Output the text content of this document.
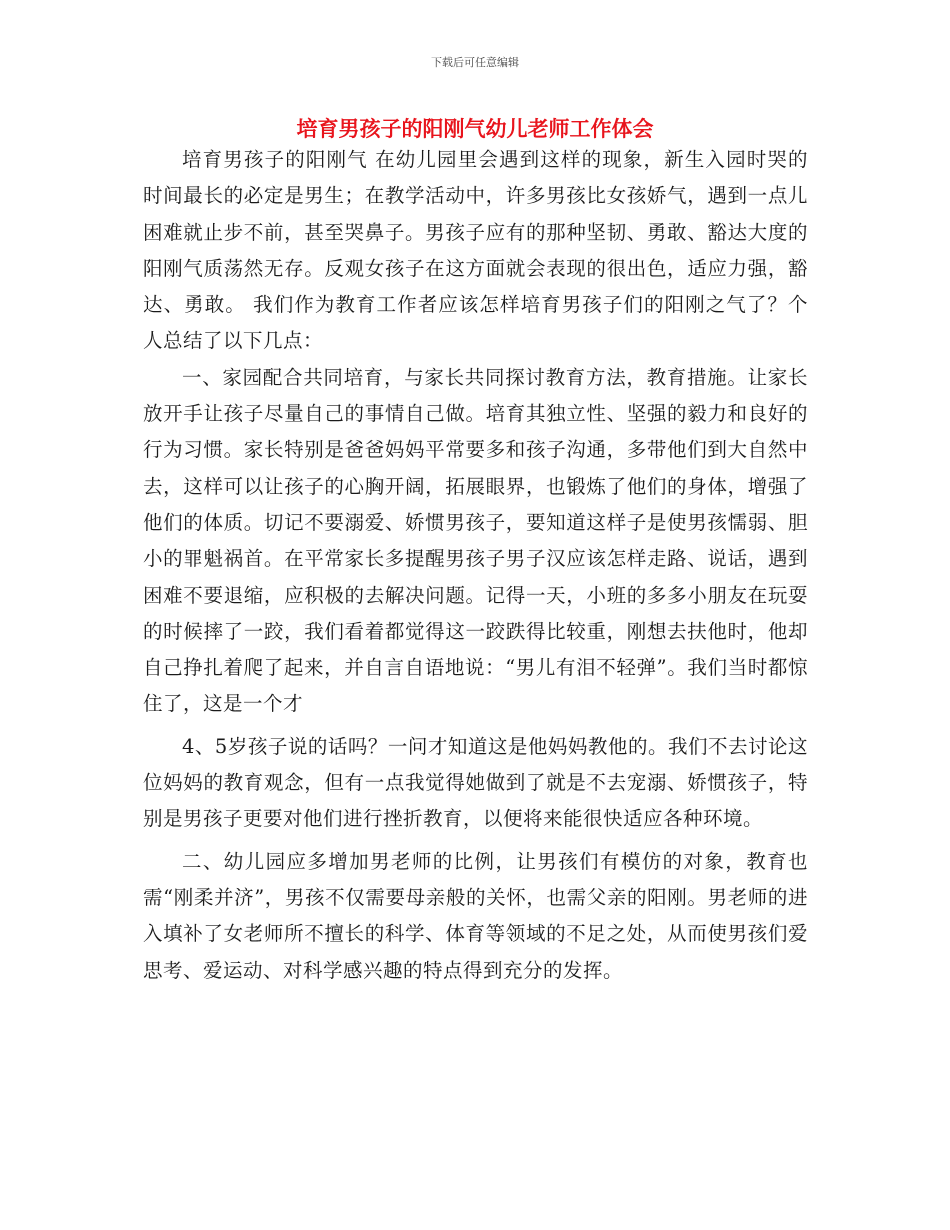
下载后可任意编辑
培育男孩子的阳刚气幼儿老师工作体会

培育男孩子的阳刚气 在幼儿园里会遇到这样的现象，新生入园时哭的时间最长的必定是男生；在教学活动中，许多男孩比女孩娇气，遇到一点儿困难就止步不前，甚至哭鼻子。男孩子应有的那种坚韧、勇敢、豁达大度的阳刚气质荡然无存。反观女孩子在这方面就会表现的很出色，适应力强，豁达、勇敢。 我们作为教育工作者应该怎样培育男孩子们的阳刚之气了？个人总结了以下几点：

一、家园配合共同培育，与家长共同探讨教育方法，教育措施。让家长放开手让孩子尽量自己的事情自己做。培育其独立性、坚强的毅力和良好的行为习惯。家长特别是爸爸妈妈平常要多和孩子沟通，多带他们到大自然中去，这样可以让孩子的心胸开阔，拓展眼界，也锻炼了他们的身体，增强了他们的体质。切记不要溺爱、娇惯男孩子，要知道这样子是使男孩懦弱、胆小的罪魁祸首。在平常家长多提醒男孩子男子汉应该怎样走路、说话，遇到困难不要退缩，应积极的去解决问题。记得一天，小班的多多小朋友在玩耍的时候摔了一跤，我们看着都觉得这一跤跌得比较重，刚想去扶他时，他却自己挣扎着爬了起来，并自言自语地说：“男儿有泪不轻弹”。我们当时都惊住了，这是一个才

4、5岁孩子说的话吗？一问才知道这是他妈妈教他的。我们不去讨论这位妈妈的教育观念，但有一点我觉得她做到了就是不去宠溺、娇惯孩子，特别是男孩子更要对他们进行挫折教育，以便将来能很快适应各种环境。

二、幼儿园应多增加男老师的比例，让男孩们有模仿的对象，教育也需“刚柔并济”，男孩不仅需要母亲般的关怀，也需父亲的阳刚。男老师的进入填补了女老师所不擅长的科学、体育等领域的不足之处，从而使男孩们爱思考、爱运动、对科学感兴趣的特点得到充分的发挥。
